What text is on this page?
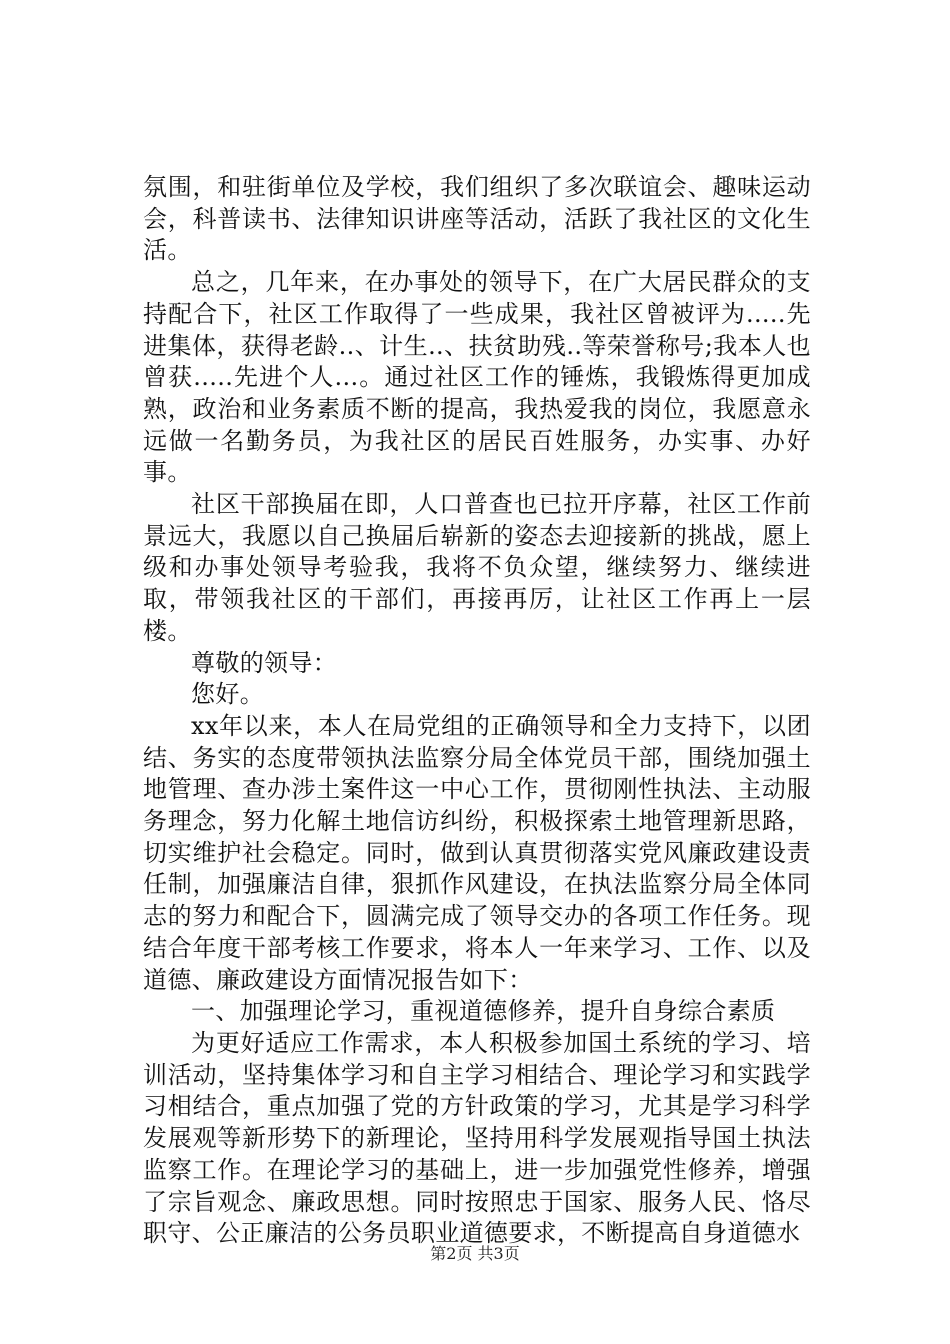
氛围，和驻街单位及学校，我们组织了多次联谊会、趣味运动会，科普读书、法律知识讲座等活动，活跃了我社区的文化生活。

总之，几年来，在办事处的领导下，在广大居民群众的支持配合下，社区工作取得了一些成果，我社区曾被评为.....先进集体，获得老龄..、计生..、扶贫助残..等荣誉称号;我本人也曾获.....先进个人...。通过社区工作的锤炼，我锻炼得更加成熟，政治和业务素质不断的提高，我热爱我的岗位，我愿意永远做一名勤务员，为我社区的居民百姓服务，办实事、办好事。

社区干部换届在即，人口普查也已拉开序幕，社区工作前景远大，我愿以自己换届后崭新的姿态去迎接新的挑战，愿上级和办事处领导考验我，我将不负众望，继续努力、继续进取，带领我社区的干部们，再接再厉，让社区工作再上一层楼。

尊敬的领导：

您好。

xx年以来，本人在局党组的正确领导和全力支持下，以团结、务实的态度带领执法监察分局全体党员干部，围绕加强土地管理、查办涉土案件这一中心工作，贯彻刚性执法、主动服务理念，努力化解土地信访纠纷，积极探索土地管理新思路，切实维护社会稳定。同时，做到认真贯彻落实党风廉政建设责任制，加强廉洁自律，狠抓作风建设，在执法监察分局全体同志的努力和配合下，圆满完成了领导交办的各项工作任务。现结合年度干部考核工作要求，将本人一年来学习、工作、以及道德、廉政建设方面情况报告如下：

一、加强理论学习，重视道德修养，提升自身综合素质

为更好适应工作需求，本人积极参加国土系统的学习、培训活动，坚持集体学习和自主学习相结合、理论学习和实践学习相结合，重点加强了党的方针政策的学习，尤其是学习科学发展观等新形势下的新理论，坚持用科学发展观指导国土执法监察工作。在理论学习的基础上，进一步加强党性修养，增强了宗旨观念、廉政思想。同时按照忠于国家、服务人民、恪尽职守、公正廉洁的公务员职业道德要求，不断提高自身道德水

第2页 共3页
